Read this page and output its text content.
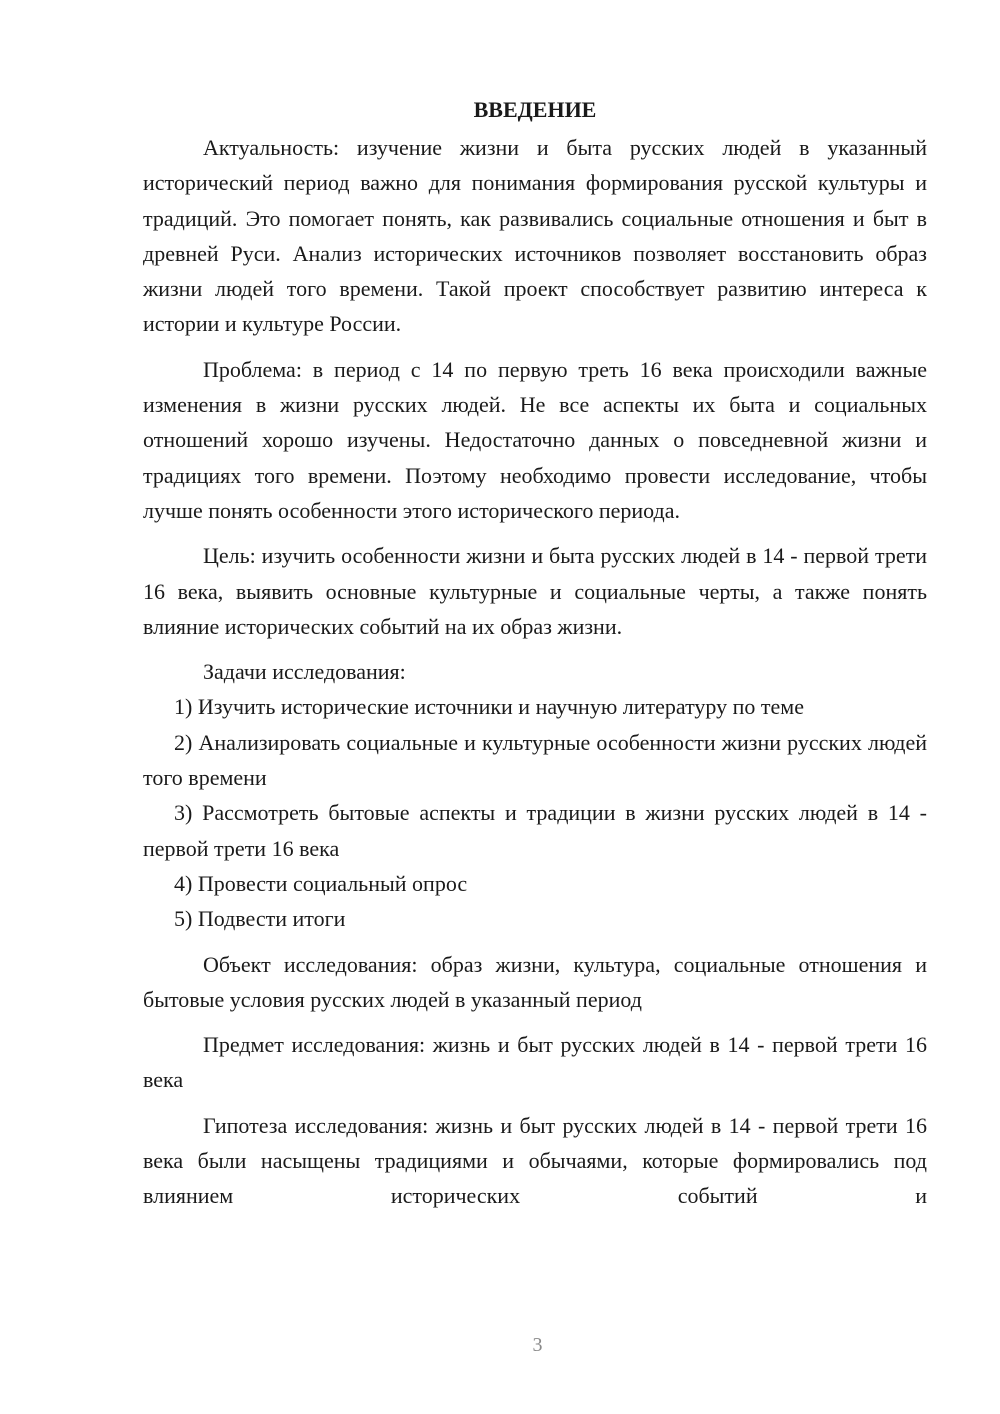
ВВЕДЕНИЕ

Актуальность: изучение жизни и быта русских людей в указанный исторический период важно для понимания формирования русской культуры и традиций. Это помогает понять, как развивались социальные отношения и быт в древней Руси. Анализ исторических источников позволяет восстановить образ жизни людей того времени. Такой проект способствует развитию интереса к истории и культуре России.

Проблема: в период с 14 по первую треть 16 века происходили важные изменения в жизни русских людей. Не все аспекты их быта и социальных отношений хорошо изучены. Недостаточно данных о повседневной жизни и традициях того времени. Поэтому необходимо провести исследование, чтобы лучше понять особенности этого исторического периода.

Цель: изучить особенности жизни и быта русских людей в 14 - первой трети 16 века, выявить основные культурные и социальные черты, а также понять влияние исторических событий на их образ жизни.

Задачи исследования:

1) Изучить исторические источники и научную литературу по теме

2) Анализировать социальные и культурные особенности жизни русских людей того времени

3) Рассмотреть бытовые аспекты и традиции в жизни русских людей в 14 - первой трети 16 века

4) Провести социальный опрос

5) Подвести итоги

Объект исследования: образ жизни, культура, социальные отношения и бытовые условия русских людей в указанный период

Предмет исследования: жизнь и быт русских людей в 14 - первой трети 16 века

Гипотеза исследования: жизнь и быт русских людей в 14 - первой трети 16 века были насыщены традициями и обычаями, которые формировались под влиянием исторических событий и

3
